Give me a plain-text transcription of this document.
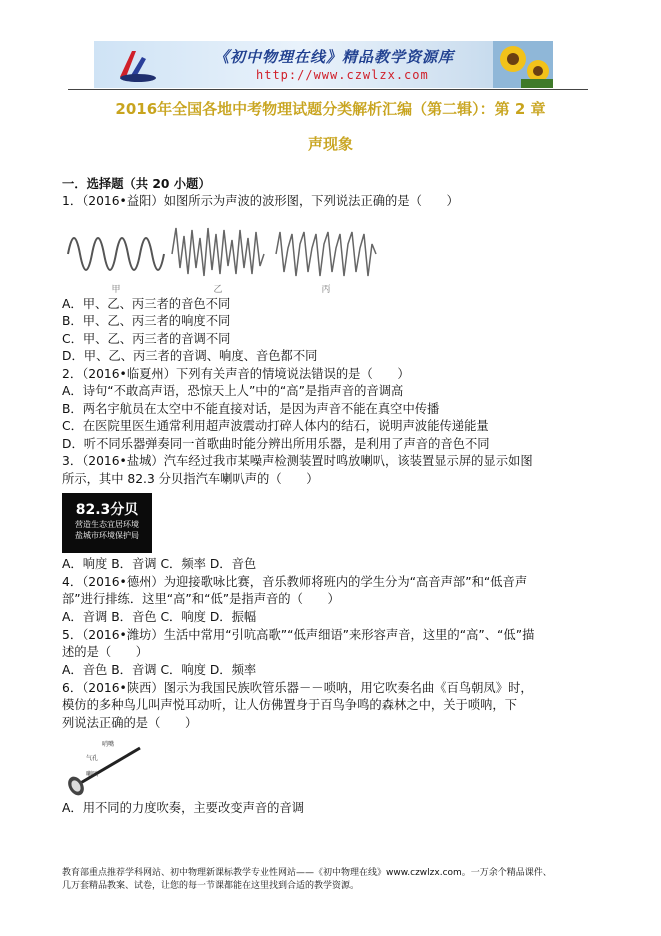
《初中物理在线》精品教学资源库
http://www.czwlzx.com
2016年全国各地中考物理试题分类解析汇编（第二辑）：第 2 章
声现象
一．选择题（共 20 小题）
1．（2016•益阳）如图所示为声波的波形图，下列说法正确的是（　　）
甲	乙	丙
A．甲、乙、丙三者的音色不同
B．甲、乙、丙三者的响度不同
C．甲、乙、丙三者的音调不同
D．甲、乙、丙三者的音调、响度、音色都不同
2．（2016•临夏州）下列有关声音的情境说法错误的是（　　）
A．诗句“不敢高声语，恐惊天上人”中的“高”是指声音的音调高
B．两名宇航员在太空中不能直接对话，是因为声音不能在真空中传播
C．在医院里医生通常利用超声波震动打碎人体内的结石，说明声波能传递能量
D．听不同乐器弹奏同一首歌曲时能分辨出所用乐器，是利用了声音的音色不同
3．（2016•盐城）汽车经过我市某噪声检测装置时鸣放喇叭，该装置显示屏的显示如图
所示，其中 82.3 分贝指汽车喇叭声的（　　）
82.3分贝
营造生态宜居环境
盐城市环境保护局
A．响度 B．音调 C．频率 D．音色
4．（2016•德州）为迎接歌咏比赛，音乐教师将班内的学生分为“高音声部”和“低音声
部”进行排练．这里“高”和“低”是指声音的（　　）
A．音调 B．音色 C．响度 D．振幅
5．（2016•潍坊）生活中常用“引吭高歌”“低声细语”来形容声音，这里的“高”、“低”描
述的是（　　）
A．音色 B．音调 C．响度 D．频率
6．（2016•陕西）图示为我国民族吹管乐器－－唢呐，用它吹奏名曲《百鸟朝凤》时，
模仿的多种鸟儿叫声悦耳动听，让人仿佛置身于百鸟争鸣的森林之中，关于唢呐，下
列说法正确的是（　　）
哨嘴
气孔
喇叭
A．用不同的力度吹奏，主要改变声音的音调
教育部重点推荐学科网站、初中物理新课标教学专业性网站——《初中物理在线》www.czwlzx.com。一万余个精品课件、
几万套精品教案、试卷，让您的每一节课都能在这里找到合适的教学资源。
